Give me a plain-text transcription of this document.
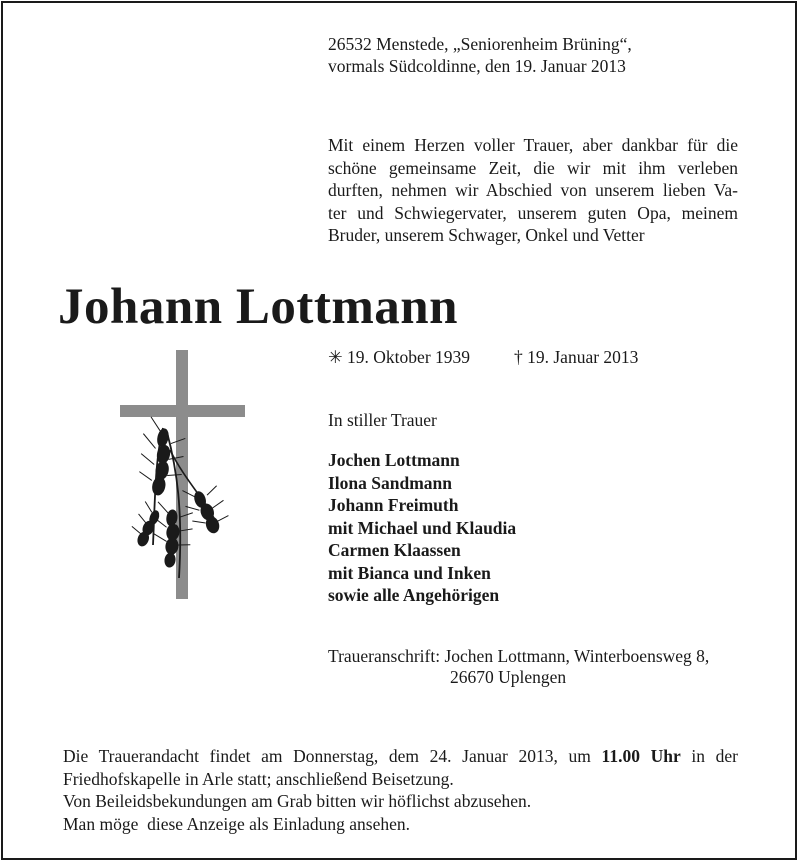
26532 Menstede, „Seniorenheim Brüning“,
vormals Südcoldinne, den 19. Januar 2013
Mit einem Herzen voller Trauer, aber dankbar für die
schöne gemeinsame Zeit, die wir mit ihm verleben
durften, nehmen wir Abschied von unserem lieben Va-
ter und Schwiegervater, unserem guten Opa, meinem
Bruder, unserem Schwager, Onkel und Vetter
Johann Lottmann
✳ 19. Oktober 1939	† 19. Januar 2013
In stiller Trauer
Jochen Lottmann
Ilona Sandmann
Johann Freimuth
mit Michael und Klaudia
Carmen Klaassen
mit Bianca und Inken
sowie alle Angehörigen
Traueranschrift: Jochen Lottmann, Winterboensweg 8,
26670 Uplengen
Die Trauerandacht findet am Donnerstag, dem 24. Januar 2013, um 11.00 Uhr in der
Friedhofskapelle in Arle statt; anschließend Beisetzung.
Von Beileidsbekundungen am Grab bitten wir höflichst abzusehen.
Man möge  diese Anzeige als Einladung ansehen.
